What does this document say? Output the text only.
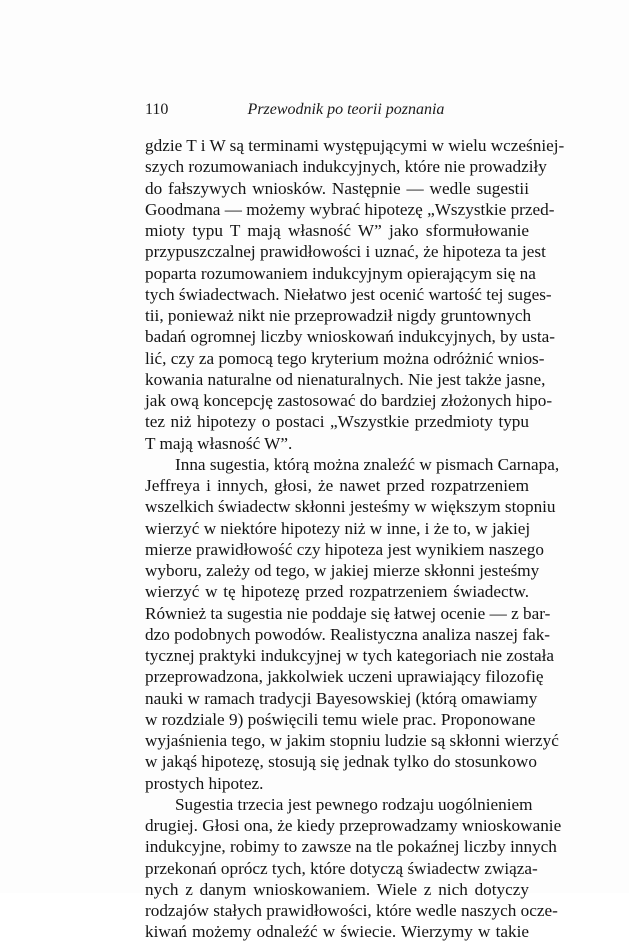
110	Przewodnik po teorii poznania
gdzie T i W są terminami występującymi w wielu wcześniej-
szych rozumowaniach indukcyjnych, które nie prowadziły
do fałszywych wniosków. Następnie — wedle sugestii
Goodmana — możemy wybrać hipotezę „Wszystkie przed-
mioty typu T mają własność W” jako sformułowanie
przypuszczalnej prawidłowości i uznać, że hipoteza ta jest
poparta rozumowaniem indukcyjnym opierającym się na
tych świadectwach. Niełatwo jest ocenić wartość tej suges-
tii, ponieważ nikt nie przeprowadził nigdy gruntownych
badań ogromnej liczby wnioskowań indukcyjnych, by usta-
lić, czy za pomocą tego kryterium można odróżnić wnios-
kowania naturalne od nienaturalnych. Nie jest także jasne,
jak ową koncepcję zastosować do bardziej złożonych hipo-
tez niż hipotezy o postaci „Wszystkie przedmioty typu
T mają własność W”.
Inna sugestia, którą można znaleźć w pismach Carnapa,
Jeffreya i innych, głosi, że nawet przed rozpatrzeniem
wszelkich świadectw skłonni jesteśmy w większym stopniu
wierzyć w niektóre hipotezy niż w inne, i że to, w jakiej
mierze prawidłowość czy hipoteza jest wynikiem naszego
wyboru, zależy od tego, w jakiej mierze skłonni jesteśmy
wierzyć w tę hipotezę przed rozpatrzeniem świadectw.
Również ta sugestia nie poddaje się łatwej ocenie — z bar-
dzo podobnych powodów. Realistyczna analiza naszej fak-
tycznej praktyki indukcyjnej w tych kategoriach nie została
przeprowadzona, jakkolwiek uczeni uprawiający filozofię
nauki w ramach tradycji Bayesowskiej (którą omawiamy
w rozdziale 9) poświęcili temu wiele prac. Proponowane
wyjaśnienia tego, w jakim stopniu ludzie są skłonni wierzyć
w jakąś hipotezę, stosują się jednak tylko do stosunkowo
prostych hipotez.
Sugestia trzecia jest pewnego rodzaju uogólnieniem
drugiej. Głosi ona, że kiedy przeprowadzamy wnioskowanie
indukcyjne, robimy to zawsze na tle pokaźnej liczby innych
przekonań oprócz tych, które dotyczą świadectw związa-
nych z danym wnioskowaniem. Wiele z nich dotyczy
rodzajów stałych prawidłowości, które wedle naszych ocze-
kiwań możemy odnaleźć w świecie. Wierzymy w takie
